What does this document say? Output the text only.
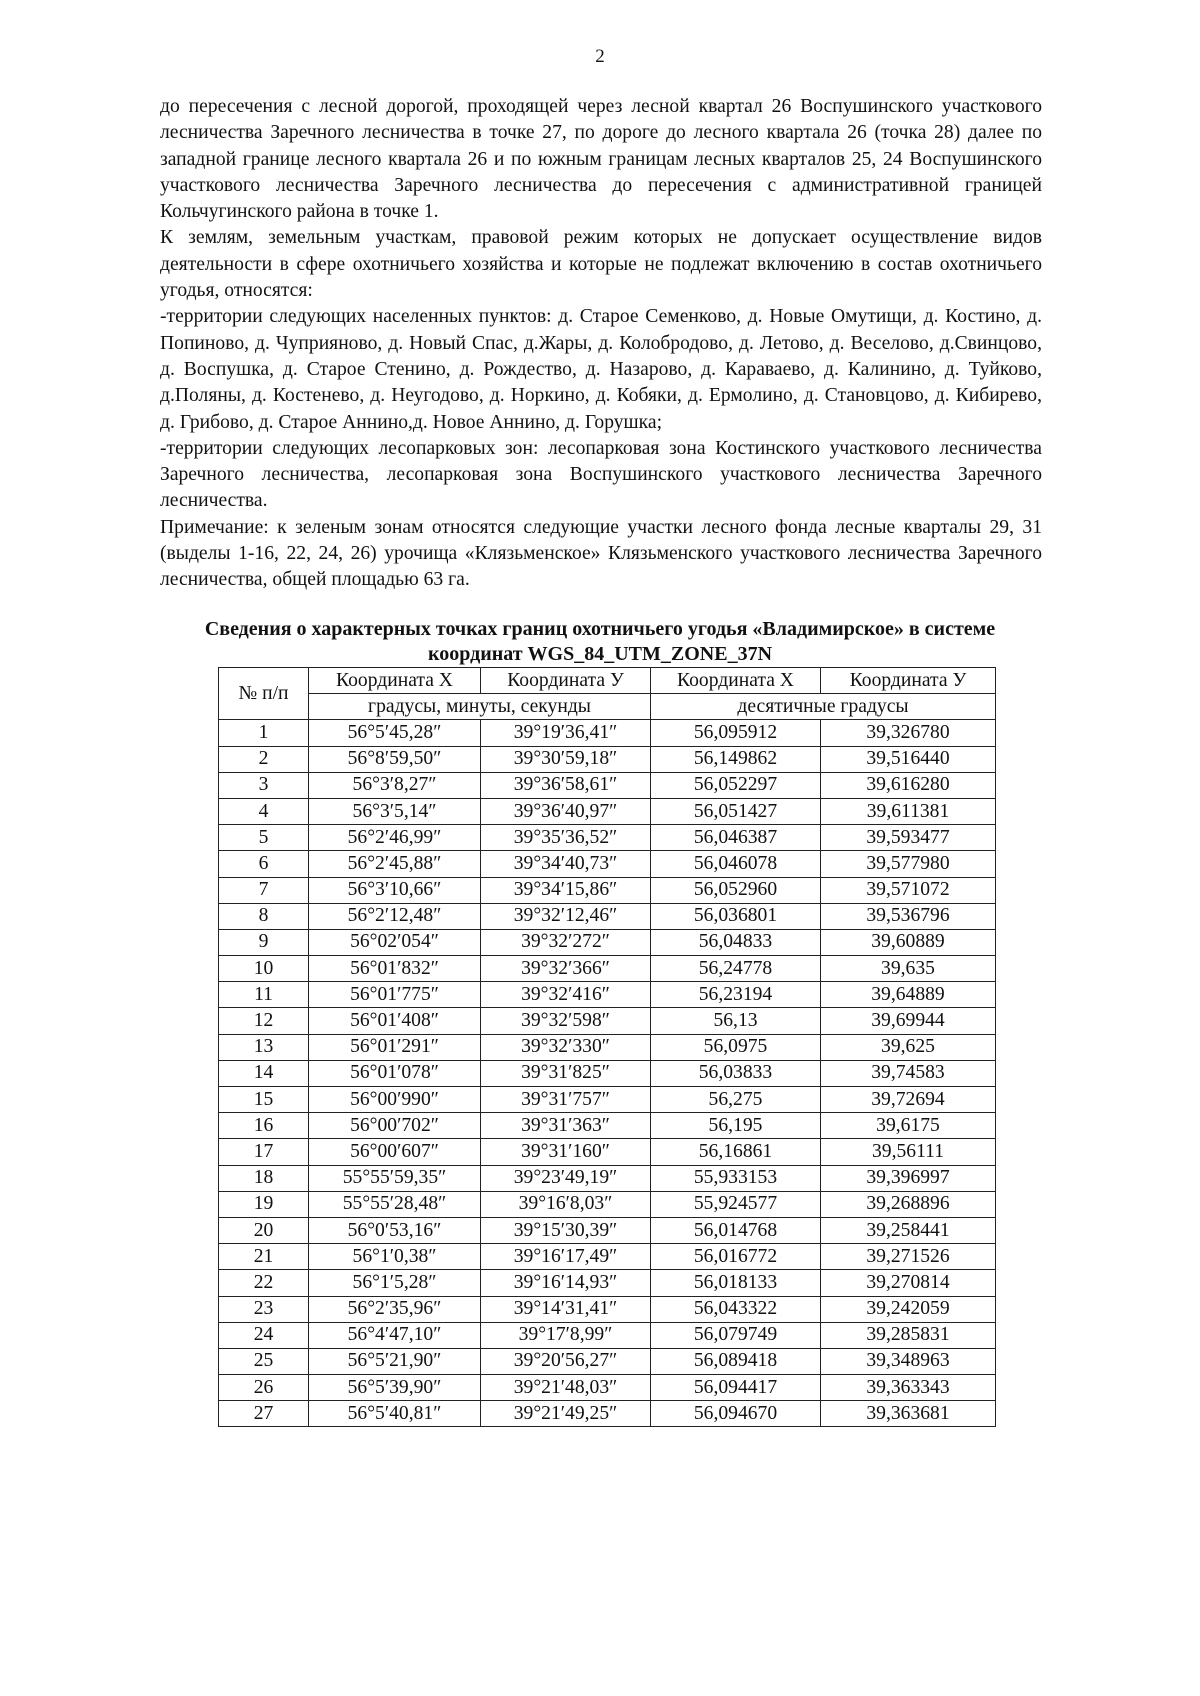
2

до пересечения с лесной дорогой, проходящей через лесной квартал 26 Воспушинского участкового лесничества Заречного лесничества в точке 27, по дороге до лесного квартала 26 (точка 28) далее по западной границе лесного квартала 26 и по южным границам лесных кварталов 25, 24 Воспушинского участкового лесничества Заречного лесничества до пересечения с административной границей Кольчугинского района в точке 1.

К землям, земельным участкам, правовой режим которых не допускает осуществление видов деятельности в сфере охотничьего хозяйства и которые не подлежат включению в состав охотничьего угодья, относятся:

-территории следующих населенных пунктов: д. Старое Семенково, д. Новые Омутищи, д. Костино, д. Попиново, д. Чуприяново, д. Новый Спас, д.Жары, д. Колобродово, д. Летово, д. Веселово, д.Свинцово, д. Воспушка, д. Старое Стенино, д. Рождество, д. Назарово, д. Караваево, д. Калинино, д. Туйково, д.Поляны, д. Костенево, д. Неугодово, д. Норкино, д. Кобяки, д. Ермолино, д. Становцово, д. Кибирево, д. Грибово, д. Старое Аннино,д. Новое Аннино, д. Горушка;

-территории следующих лесопарковых зон: лесопарковая зона Костинского участкового лесничества Заречного лесничества, лесопарковая зона Воспушинского участкового лесничества Заречного лесничества.

Примечание: к зеленым зонам относятся следующие участки лесного фонда лесные кварталы 29, 31 (выделы 1-16, 22, 24, 26) урочища «Клязьменское» Клязьменского участкового лесничества Заречного лесничества, общей площадью 63 га.

Сведения о характерных точках границ охотничьего угодья «Владимирское» в системе
координат WGS_84_UTM_ZONE_37N
№ п/п	Координата X	Координата У	Координата X	Координата У
	градусы, минуты, секунды		десятичные градусы	
1	56°5′45,28″	39°19′36,41″	56,095912	39,326780
2	56°8′59,50″	39°30′59,18″	56,149862	39,516440
3	56°3′8,27″	39°36′58,61″	56,052297	39,616280
4	56°3′5,14″	39°36′40,97″	56,051427	39,611381
5	56°2′46,99″	39°35′36,52″	56,046387	39,593477
6	56°2′45,88″	39°34′40,73″	56,046078	39,577980
7	56°3′10,66″	39°34′15,86″	56,052960	39,571072
8	56°2′12,48″	39°32′12,46″	56,036801	39,536796
9	56°02′054″	39°32′272″	56,04833	39,60889
10	56°01′832″	39°32′366″	56,24778	39,635
11	56°01′775″	39°32′416″	56,23194	39,64889
12	56°01′408″	39°32′598″	56,13	39,69944
13	56°01′291″	39°32′330″	56,0975	39,625
14	56°01′078″	39°31′825″	56,03833	39,74583
15	56°00′990″	39°31′757″	56,275	39,72694
16	56°00′702″	39°31′363″	56,195	39,6175
17	56°00′607″	39°31′160″	56,16861	39,56111
18	55°55′59,35″	39°23′49,19″	55,933153	39,396997
19	55°55′28,48″	39°16′8,03″	55,924577	39,268896
20	56°0′53,16″	39°15′30,39″	56,014768	39,258441
21	56°1′0,38″	39°16′17,49″	56,016772	39,271526
22	56°1′5,28″	39°16′14,93″	56,018133	39,270814
23	56°2′35,96″	39°14′31,41″	56,043322	39,242059
24	56°4′47,10″	39°17′8,99″	56,079749	39,285831
25	56°5′21,90″	39°20′56,27″	56,089418	39,348963
26	56°5′39,90″	39°21′48,03″	56,094417	39,363343
27	56°5′40,81″	39°21′49,25″	56,094670	39,363681
